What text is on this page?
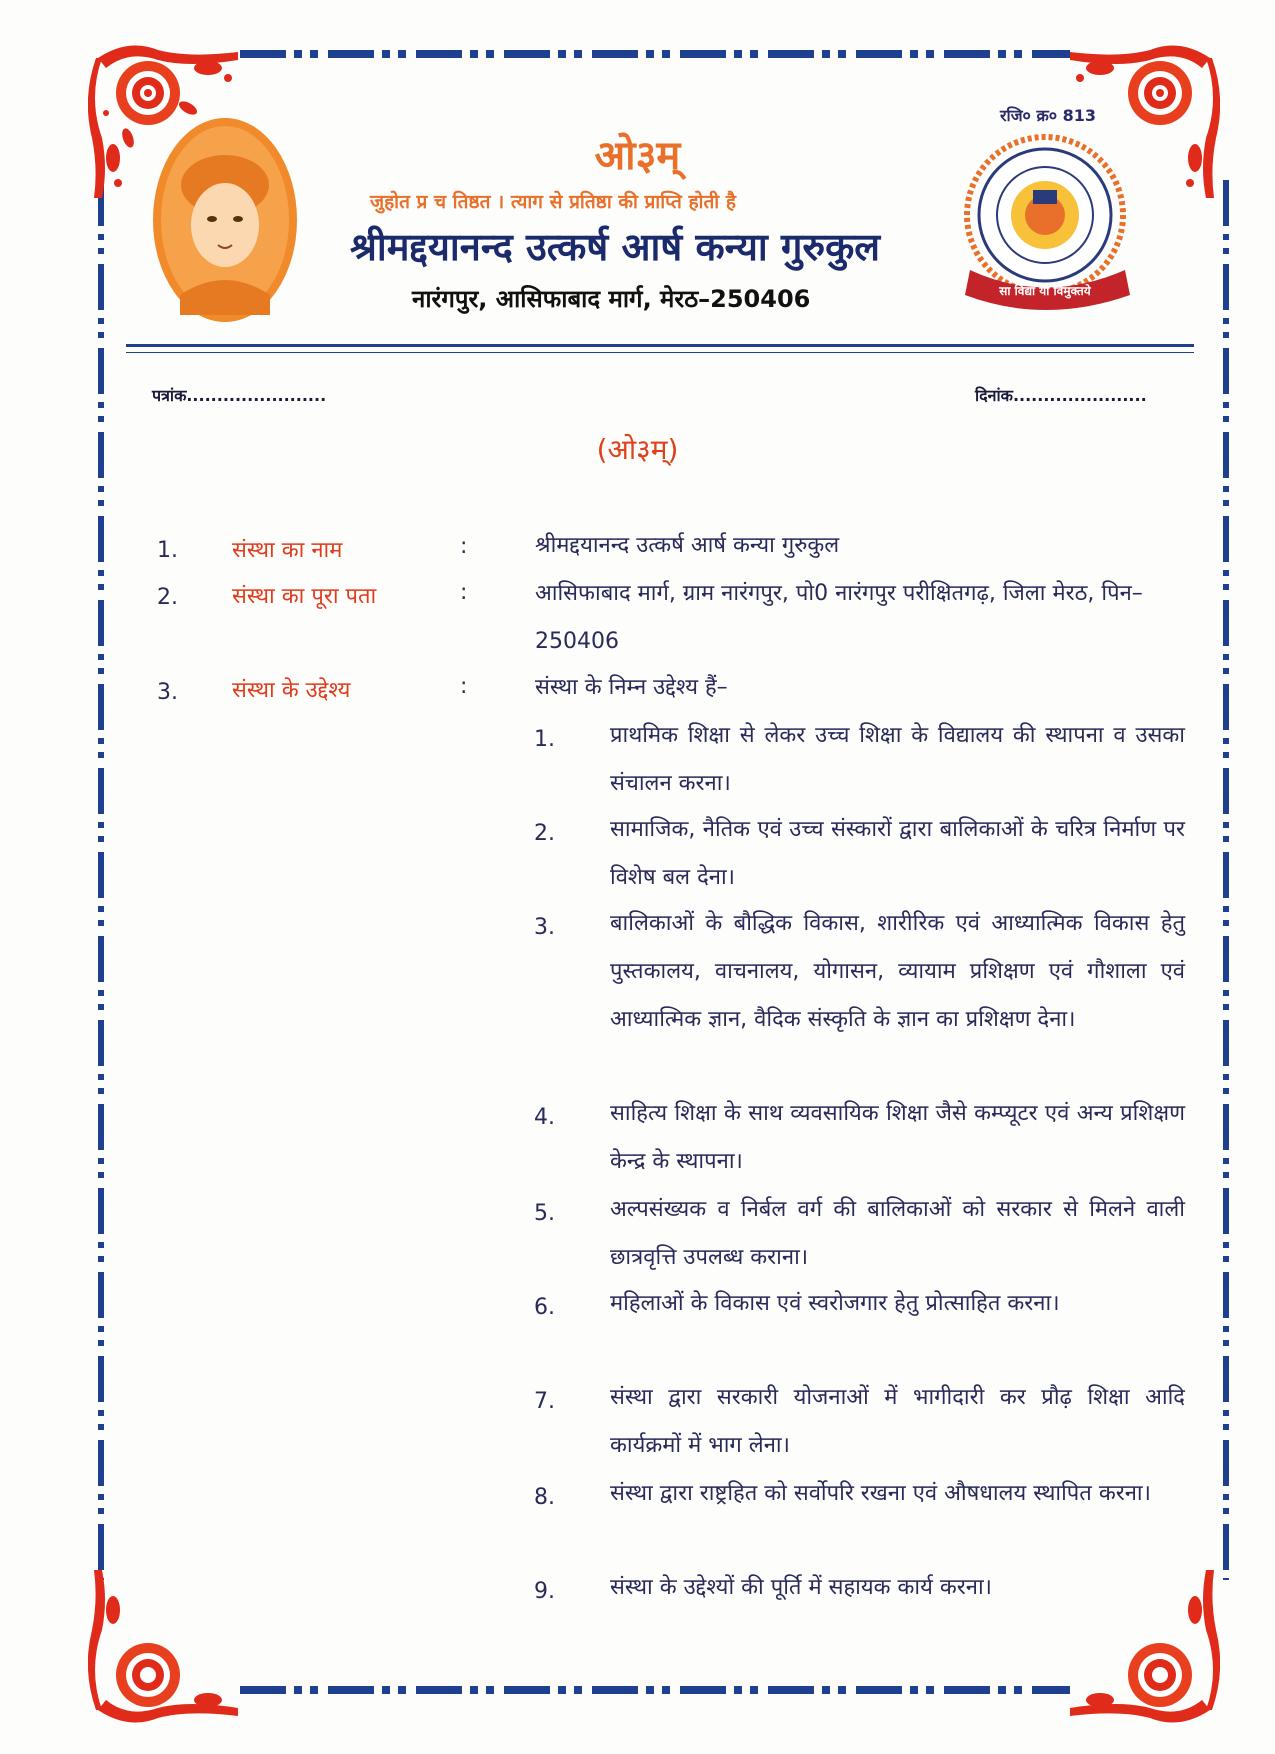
सा विद्या या विमुक्तये
रजि० क्र० 813
ओ३म्
जुहोत प्र च तिष्ठत । त्याग से प्रतिष्ठा की प्राप्ति होती है
श्रीमद्दयानन्द उत्कर्ष आर्ष कन्या गुरुकुल
नारंगपुर, आसिफाबाद मार्ग, मेरठ–250406
पत्रांक.......................	दिनांक......................
(ओ३म्)
1. संस्था का नाम	:	श्रीमद्दयानन्द उत्कर्ष आर्ष कन्या गुरुकुल
2. संस्था का पूरा पता	:	आसिफाबाद मार्ग, ग्राम नारंगपुर, पो0 नारंगपुर परीक्षितगढ़, जिला मेरठ, पिन–250406
3. संस्था के उद्देश्य	:	संस्था के निम्न उद्देश्य हैं–
1.	प्राथमिक शिक्षा से लेकर उच्च शिक्षा के विद्यालय की स्थापना व उसका संचालन करना।
2.	सामाजिक, नैतिक एवं उच्च संस्कारों द्वारा बालिकाओं के चरित्र निर्माण पर विशेष बल देना।
3.	बालिकाओं के बौद्धिक विकास, शारीरिक एवं आध्यात्मिक विकास हेतु पुस्तकालय, वाचनालय, योगासन, व्यायाम प्रशिक्षण एवं गौशाला एवं आध्यात्मिक ज्ञान, वैदिक संस्कृति के ज्ञान का प्रशिक्षण देना।
4.	साहित्य शिक्षा के साथ व्यवसायिक शिक्षा जैसे कम्प्यूटर एवं अन्य प्रशिक्षण केन्द्र के स्थापना।
5.	अल्पसंख्यक व निर्बल वर्ग की बालिकाओं को सरकार से मिलने वाली छात्रवृत्ति उपलब्ध कराना।
6.	महिलाओं के विकास एवं स्वरोजगार हेतु प्रोत्साहित करना।
7.	संस्था द्वारा सरकारी योजनाओं में भागीदारी कर प्रौढ़ शिक्षा आदि कार्यक्रमों में भाग लेना।
8.	संस्था द्वारा राष्ट्रहित को सर्वोपरि रखना एवं औषधालय स्थापित करना।
9.	संस्था के उद्देश्यों की पूर्ति में सहायक कार्य करना।
